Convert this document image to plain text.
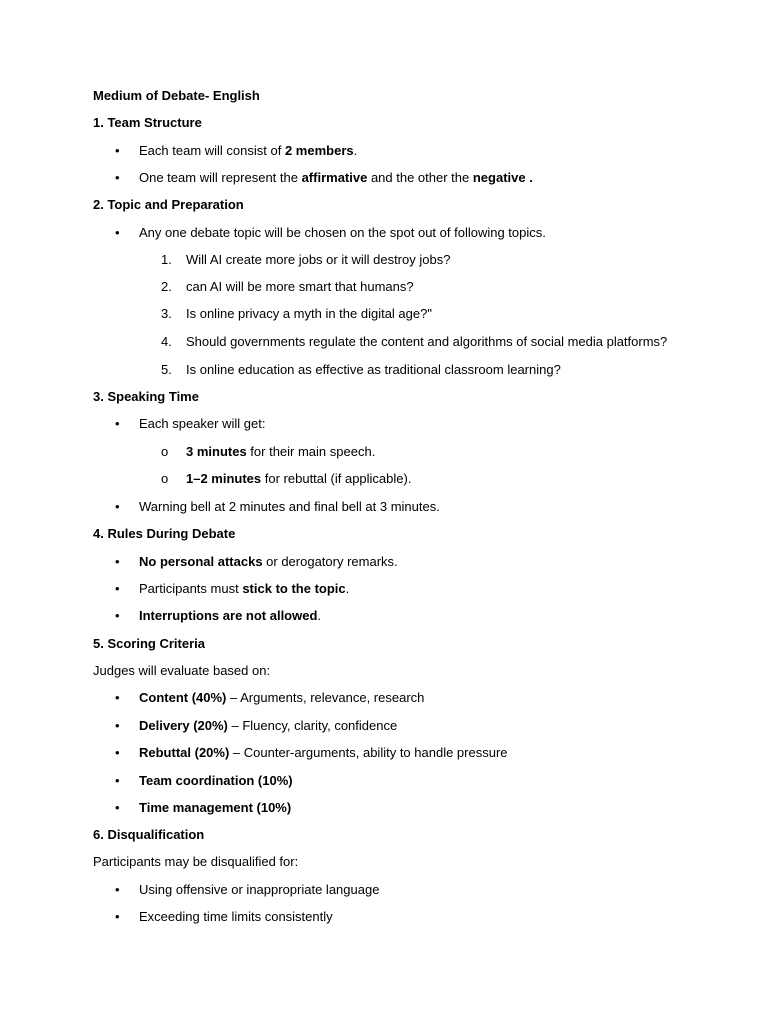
Medium of Debate- English
1. Team Structure
• Each team will consist of 2 members.
• One team will represent the affirmative and the other the negative .
2. Topic and Preparation
• Any one debate topic will be chosen on the spot out of following topics.
1. Will AI create more jobs or it will destroy jobs?
2. can AI will be more smart that humans?
3. Is online privacy a myth in the digital age?"
4. Should governments regulate the content and algorithms of social media platforms?
5. Is online education as effective as traditional classroom learning?
3. Speaking Time
• Each speaker will get:
o 3 minutes for their main speech.
o 1–2 minutes for rebuttal (if applicable).
• Warning bell at 2 minutes and final bell at 3 minutes.
4. Rules During Debate
• No personal attacks or derogatory remarks.
• Participants must stick to the topic.
• Interruptions are not allowed.
5. Scoring Criteria
Judges will evaluate based on:
• Content (40%) – Arguments, relevance, research
• Delivery (20%) – Fluency, clarity, confidence
• Rebuttal (20%) – Counter-arguments, ability to handle pressure
• Team coordination (10%)
• Time management (10%)
6. Disqualification
Participants may be disqualified for:
• Using offensive or inappropriate language
• Exceeding time limits consistently
